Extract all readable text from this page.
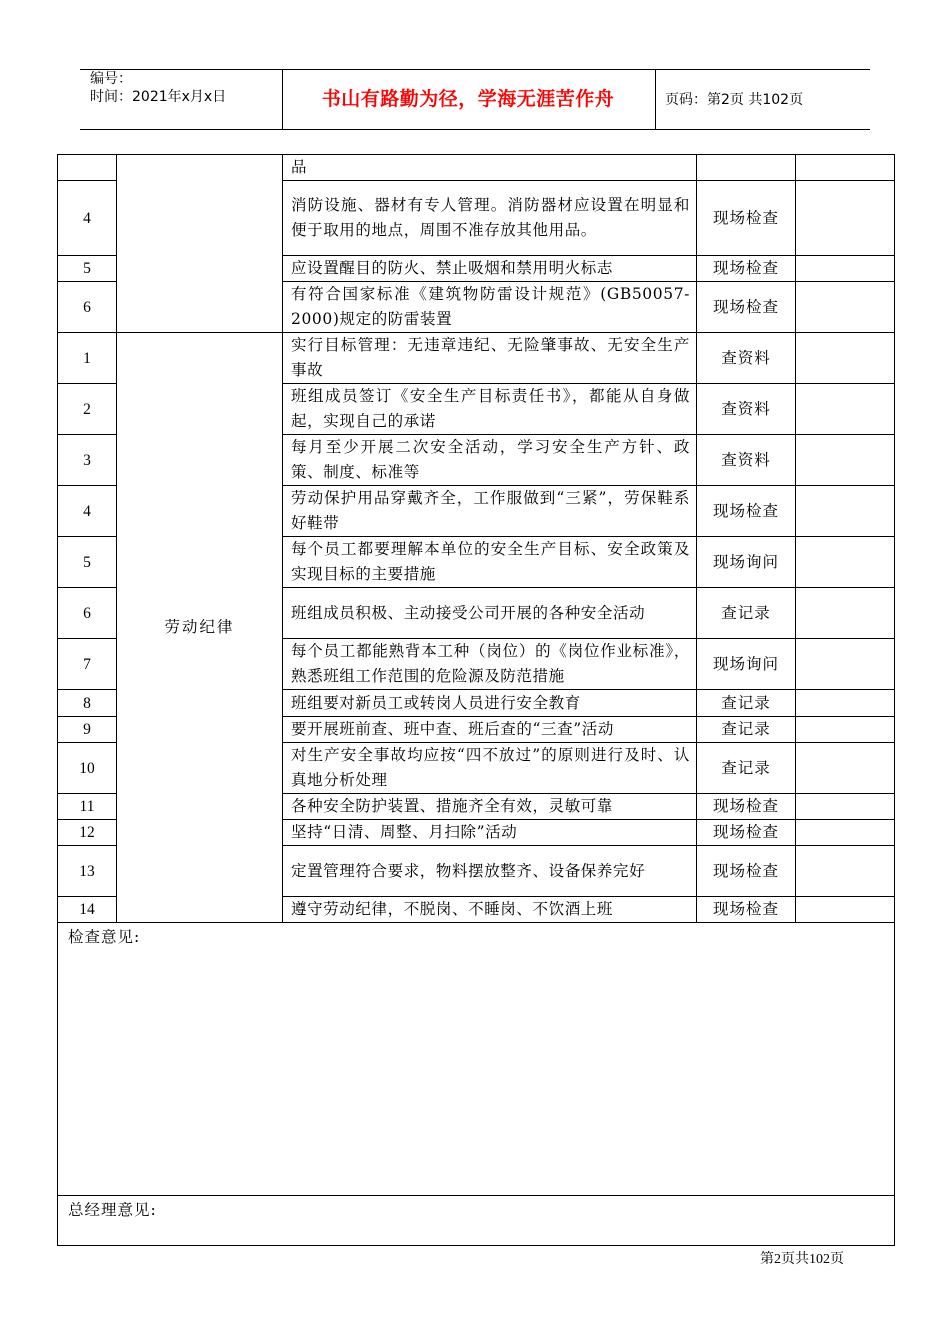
编号：
时间：2021年x月x日	书山有路勤为径，学海无涯苦作舟	页码：第2页 共102页
		品		
4		消防设施、器材有专人管理。消防器材应设置在明显和便于取用的地点，周围不准存放其他用品。	现场检查	
5		应设置醒目的防火、禁止吸烟和禁用明火标志	现场检查	
6		有符合国家标准《建筑物防雷设计规范》(GB50057-2000)规定的防雷装置	现场检查	
1	劳动纪律	实行目标管理：无违章违纪、无险肇事故、无安全生产事故	查资料	
2		班组成员签订《安全生产目标责任书》，都能从自身做起，实现自己的承诺	查资料	
3		每月至少开展二次安全活动，学习安全生产方针、政策、制度、标准等	查资料	
4		劳动保护用品穿戴齐全，工作服做到“三紧”，劳保鞋系好鞋带	现场检查	
5		每个员工都要理解本单位的安全生产目标、安全政策及实现目标的主要措施	现场询问	
6		班组成员积极、主动接受公司开展的各种安全活动	查记录	
7		每个员工都能熟背本工种（岗位）的《岗位作业标准》，熟悉班组工作范围的危险源及防范措施	现场询问	
8		班组要对新员工或转岗人员进行安全教育	查记录	
9		要开展班前查、班中查、班后查的“三查”活动	查记录	
10		对生产安全事故均应按“四不放过”的原则进行及时、认真地分析处理	查记录	
11		各种安全防护装置、措施齐全有效，灵敏可靠	现场检查	
12		坚持“日清、周整、月扫除”活动	现场检查	
13		定置管理符合要求，物料摆放整齐、设备保养完好	现场检查	
14		遵守劳动纪律，不脱岗、不睡岗、不饮酒上班	现场检查	
检查意见:				
总经理意见:				
第2页共102页
